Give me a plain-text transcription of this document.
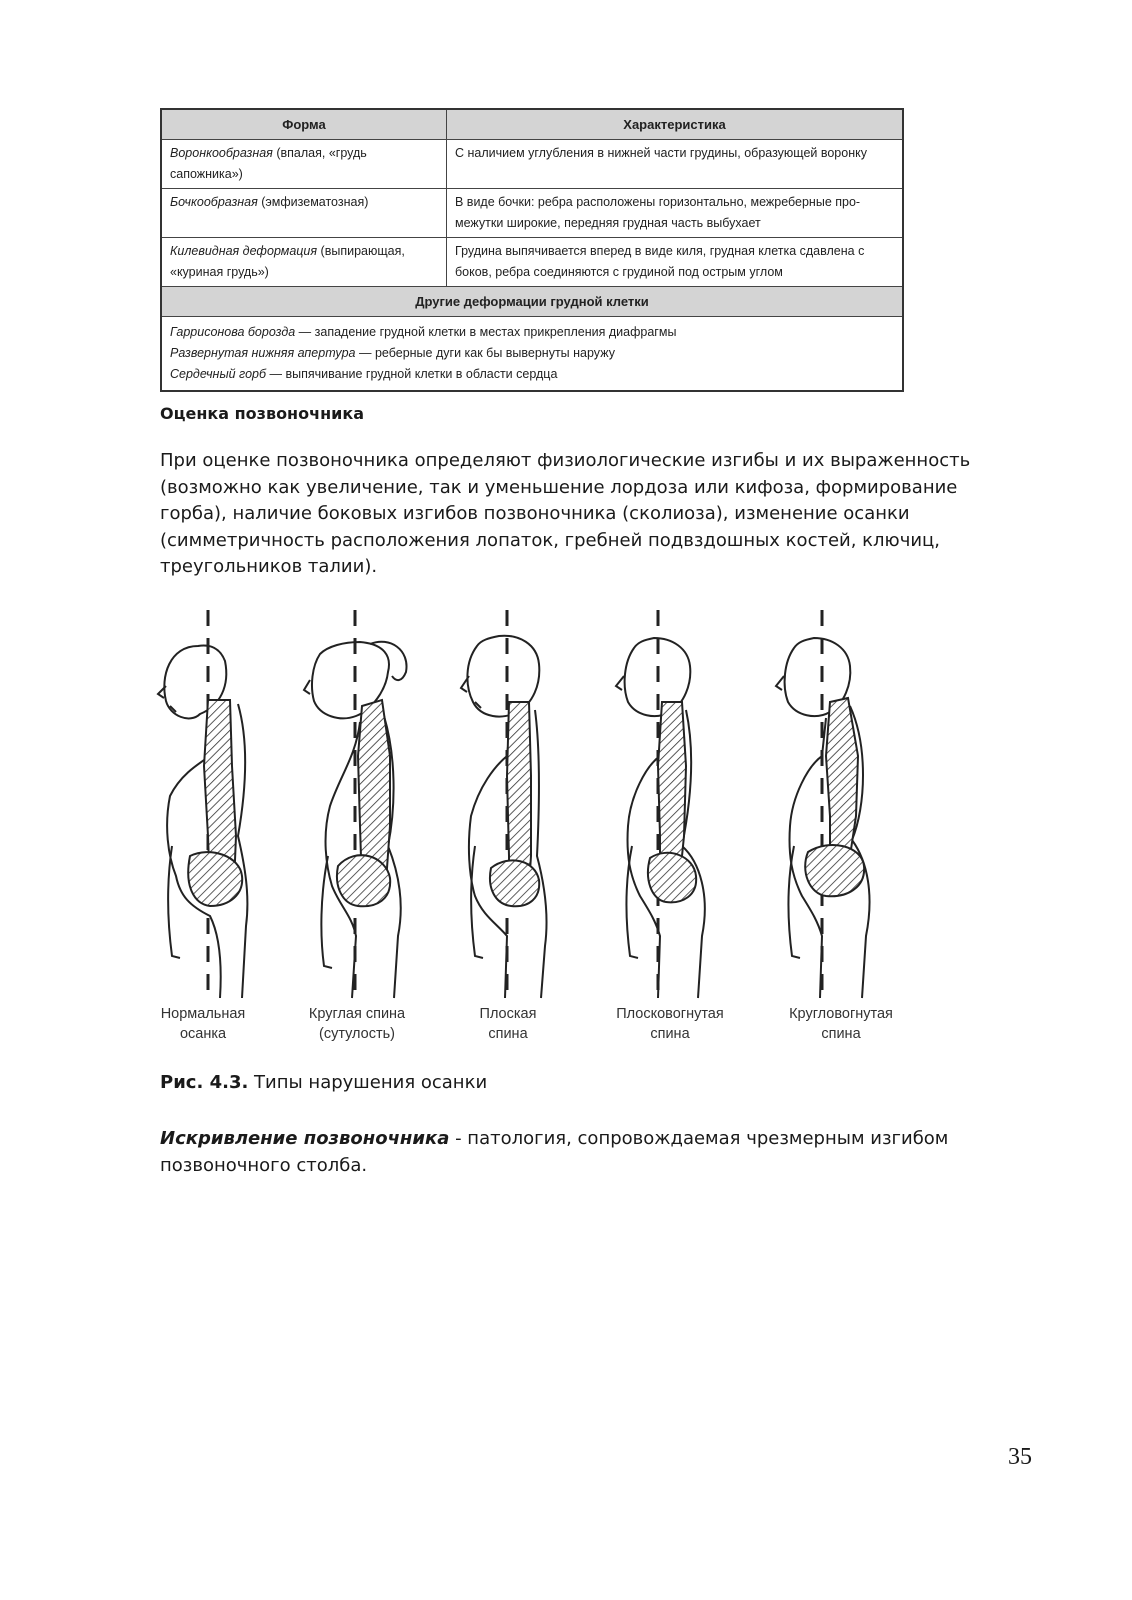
Форма	Характеристика
Воронкообразная (впалая, «грудь сапожника»)	С наличием углубления в нижней части грудины, образующей воронку
Бочкообразная (эмфизематозная)	В виде бочки: ребра расположены горизонтально, межреберные про-межутки широкие, передняя грудная часть выбухает
Килевидная деформация (выпирающая, «куриная грудь»)	Грудина выпячивается вперед в виде киля, грудная клетка сдавлена с боков, ребра соединяются с грудиной под острым углом
Другие деформации грудной клетки	

Гаррисонова борозда — западение грудной клетки в местах прикрепления диафрагмы
Развернутая нижняя апертура — реберные дуги как бы вывернуты наружу
Сердечный горб — выпячивание грудной клетки в области сердца	
Оценка позвоночника
При оценке позвоночника определяют физиологические изгибы и их выраженность (возможно как увеличение, так и уменьшение лордоза или кифоза, формирование горба), наличие боковых изгибов позвоночника (сколиоза), изменение осанки (симметричность расположения лопаток, гребней подвздошных костей, ключиц, треугольников талии).
Нормальная
осанка
Круглая спина
(сутулость)
Плоская
спина
Плосковогнутая
спина
Кругловогнутая
спина
Рис. 4.3. Типы нарушения осанки
Искривление позвоночника - патология, сопровождаемая чрезмерным изгибом позвоночного столба.
35
